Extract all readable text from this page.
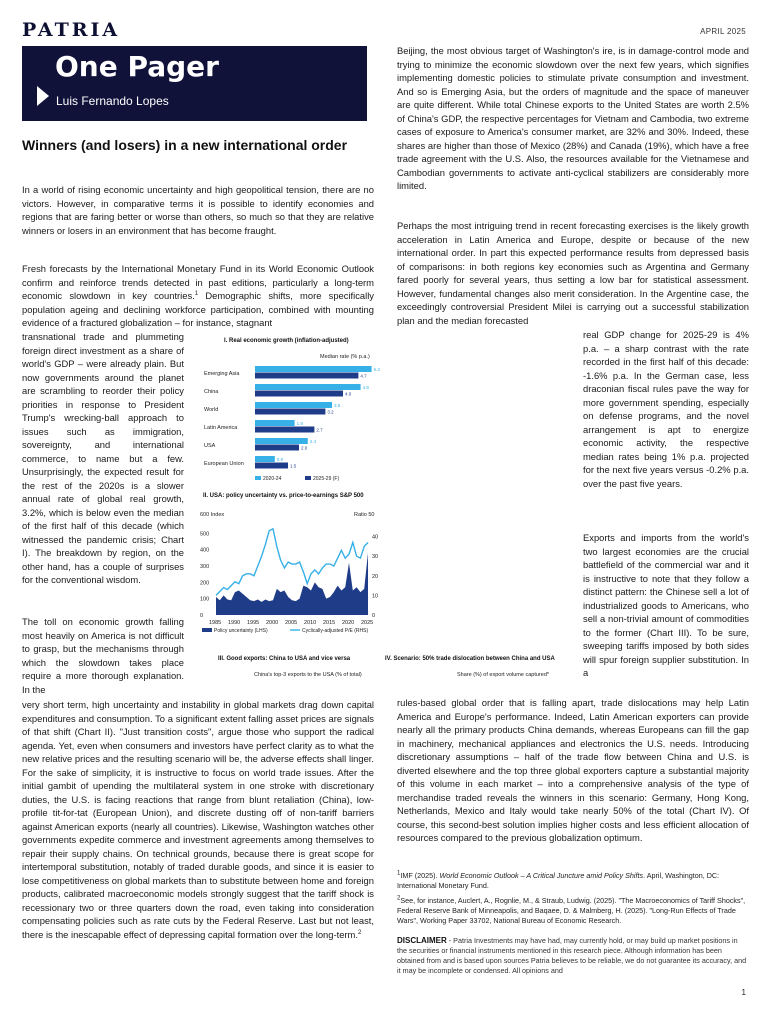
PATRIA	APRIL 2025
One Pager
Luis Fernando Lopes
Winners (and losers) in a new international order

In a world of rising economic uncertainty and high geopolitical tension, there are no victors. However, in comparative terms it is possible to identify economies and regions that are faring better or worse than others, so much so that they are relative winners or losers in an environment that has become fraught.

Fresh forecasts by the International Monetary Fund in its World Economic Outlook confirm and reinforce trends detected in past editions, particularly a long-term economic slowdown in key countries.$^1$ Demographic shifts, more specifically population ageing and declining workforce participation, combined with mounting evidence of a fractured globalization – for instance, stagnant

transnational trade and plummeting foreign direct investment as a share of world's GDP – were already plain. But now governments around the planet are scrambling to reorder their policy priorities in response to President Trump's wrecking-ball approach to issues such as immigration, sovereignty, and international commerce, to name but a few. Unsurprisingly, the expected result for the rest of the 2020s is a slower annual rate of global real growth, 3.2%, which is below even the median of the first half of this decade (which witnessed the pandemic crisis; Chart I). The breakdown by region, on the other hand, has a couple of surprises for the conventional wisdom.

The toll on economic growth falling most heavily on America is not difficult to grasp, but the mechanisms through which the slowdown takes place require a more thorough explanation. In the

very short term, high uncertainty and instability in global markets drag down capital expenditures and consumption. To a significant extent falling asset prices are signals of that shift (Chart II). "Just transition costs", argue those who support the radical agenda. Yet, even when consumers and investors have perfect clarity as to what the new relative prices and the resulting scenario will be, the adverse effects shall linger. For the sake of simplicity, it is instructive to focus on world trade issues. After the initial gambit of upending the multilateral system in one stroke with discretionary duties, the U.S. is facing reactions that range from blunt retaliation (China), low-profile tit-for-tat (European Union), and discrete dusting off of non-tariff barriers against American exports (nearly all countries). Likewise, Washington watches other governments expedite commerce and investment agreements among themselves to repair their supply chains. On technical grounds, because there is great scope for intertemporal substitution, notably of traded durable goods, and since it is easier to lose competitiveness on global markets than to substitute between home and foreign products, calibrated macroeconomic models strongly suggest that the tariff shock is recessionary two or three quarters down the road, even taking into consideration compensating policies such as rate cuts by the Federal Reserve. Last but not least, there is the inescapable effect of depressing capital formation over the long-term.$^2$

I. Real economic growth (inflation-adjusted)
Median rate (% p.a.)
Emerging Asia
5.3
4.7
China
4.8
4.0
World
3.5
3.2
Latin America
1.8
2.7
USA
2.4
2.0
European Union
0.9
1.5
2020-24	2025-29 (F)
II. USA: policy uncertainty vs. price-to-earnings S&P 500
600 Index	Ratio 50
0
100
200
300
400
500
0
10
20
30
40
1985 1990 1995 2000 2005 2010 2015 2020 2025
Policy uncertainty (LHS)	Cyclically-adjusted P/E (RHS)
III. Good exports: China to USA and vice versa
China's top-3 exports to the USA (% of total)
IV. Scenario: 50% trade dislocation between China and USA
Share (%) of export volume captured*

Beijing, the most obvious target of Washington's ire, is in damage-control mode and trying to minimize the economic slowdown over the next few years, which signifies implementing domestic policies to stimulate private consumption and investment. And so is Emerging Asia, but the orders of magnitude and the space of maneuver are quite different. While total Chinese exports to the United States are worth 2.5% of China's GDP, the respective percentages for Vietnam and Cambodia, two extreme cases of exposure to America's consumer market, are 32% and 30%. Indeed, these shares are higher than those of Mexico (28%) and Canada (19%), which have a free trade agreement with the U.S. Also, the resources available for the Vietnamese and Cambodian governments to activate anti-cyclical stabilizers are considerably more limited.

Perhaps the most intriguing trend in recent forecasting exercises is the likely growth acceleration in Latin America and Europe, despite or because of the new international order. In part this expected performance results from depressed basis of comparisons: in both regions key economies such as Argentina and Germany fared poorly for several years, thus setting a low bar for statistical assessment. However, fundamental changes also merit consideration. In the Argentine case, the exceedingly controversial President Milei is carrying out a successful stabilization plan and the median forecasted

real GDP change for 2025-29 is 4% p.a. – a sharp contrast with the rate recorded in the first half of this decade: -1.6% p.a. In the German case, less draconian fiscal rules pave the way for more government spending, especially on defense programs, and the novel arrangement is apt to energize economic activity, the respective median rates being 1% p.a. projected for the next five years versus -0.2% p.a. over the past five years.

Exports and imports from the world's two largest economies are the crucial battlefield of the commercial war and it is instructive to note that they follow a distinct pattern: the Chinese sell a lot of industrialized goods to Americans, who sell a non-trivial amount of commodities to the former (Chart III). To be sure, sweeping tariffs imposed by both sides will spur foreign supplier substitution. In a

rules-based global order that is falling apart, trade dislocations may help Latin America and Europe's performance. Indeed, Latin American exporters can provide nearly all the primary products China demands, whereas Europeans can fill the gap in machinery, mechanical appliances and electronics the U.S. needs. Introducing discretionary assumptions – half of the trade flow between China and U.S. is diverted elsewhere and the top three global exporters capture a substantial majority of this volume in each market – into a comprehensive analysis of the type of merchandise traded reveals the winners in this scenario: Germany, Hong Kong, Netherlands, Mexico and Italy would take nearly 50% of the total (Chart IV). Of course, this second-best solution implies higher costs and less efficient allocation of resources compared to the previous globalization optimum.

$^1$IMF (2025). World Economic Outlook – A Critical Juncture amid Policy Shifts. April, Washington, DC: International Monetary Fund.
$^2$See, for instance, Auclert, A., Rognlie, M., & Straub, Ludwig. (2025). "The Macroeconomics of Tariff Shocks", Federal Reserve Bank of Minneapolis, and Baqaee, D. & Malmberg, H. (2025). "Long-Run Effects of Trade Wars", Working Paper 33702, National Bureau of Economic Research.
DISCLAIMER - Patria Investments may have had, may currently hold, or may build up market positions in the securities or financial instruments mentioned in this research piece. Although information has been obtained from and is based upon sources Patria believes to be reliable, we do not guarantee its accuracy, and it may be incomplete or condensed. All opinions and
1
